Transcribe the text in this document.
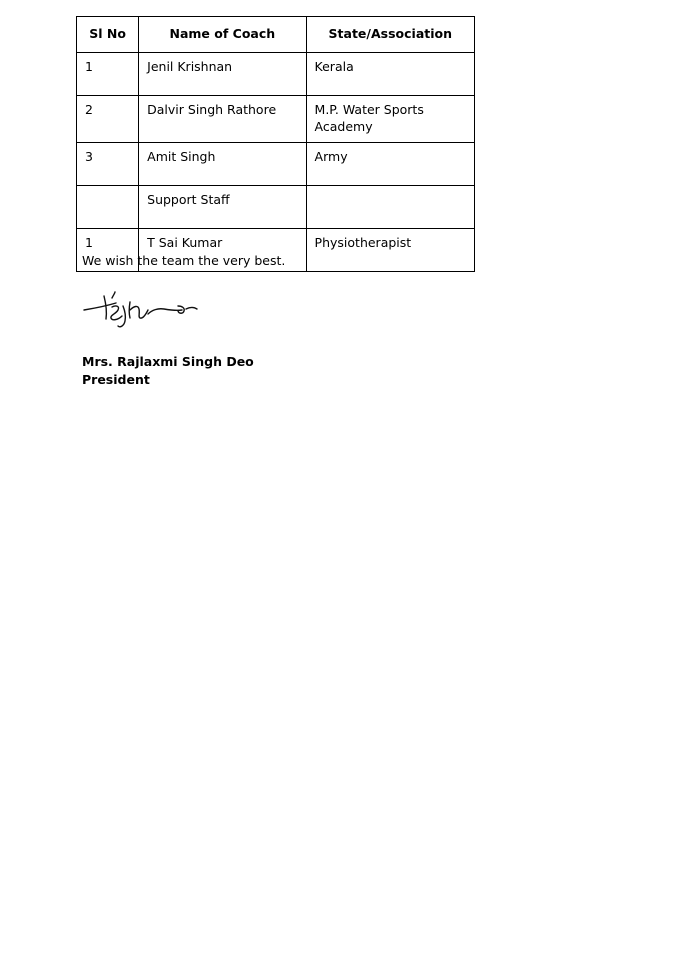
Sl No	Name of Coach	State/Association
1	Jenil Krishnan	Kerala
2	Dalvir Singh Rathore	M.P. Water Sports Academy
3	Amit Singh	Army
	Support Staff	
1	T Sai Kumar	Physiotherapist
We wish the team the very best.
Mrs. Rajlaxmi Singh Deo
President
